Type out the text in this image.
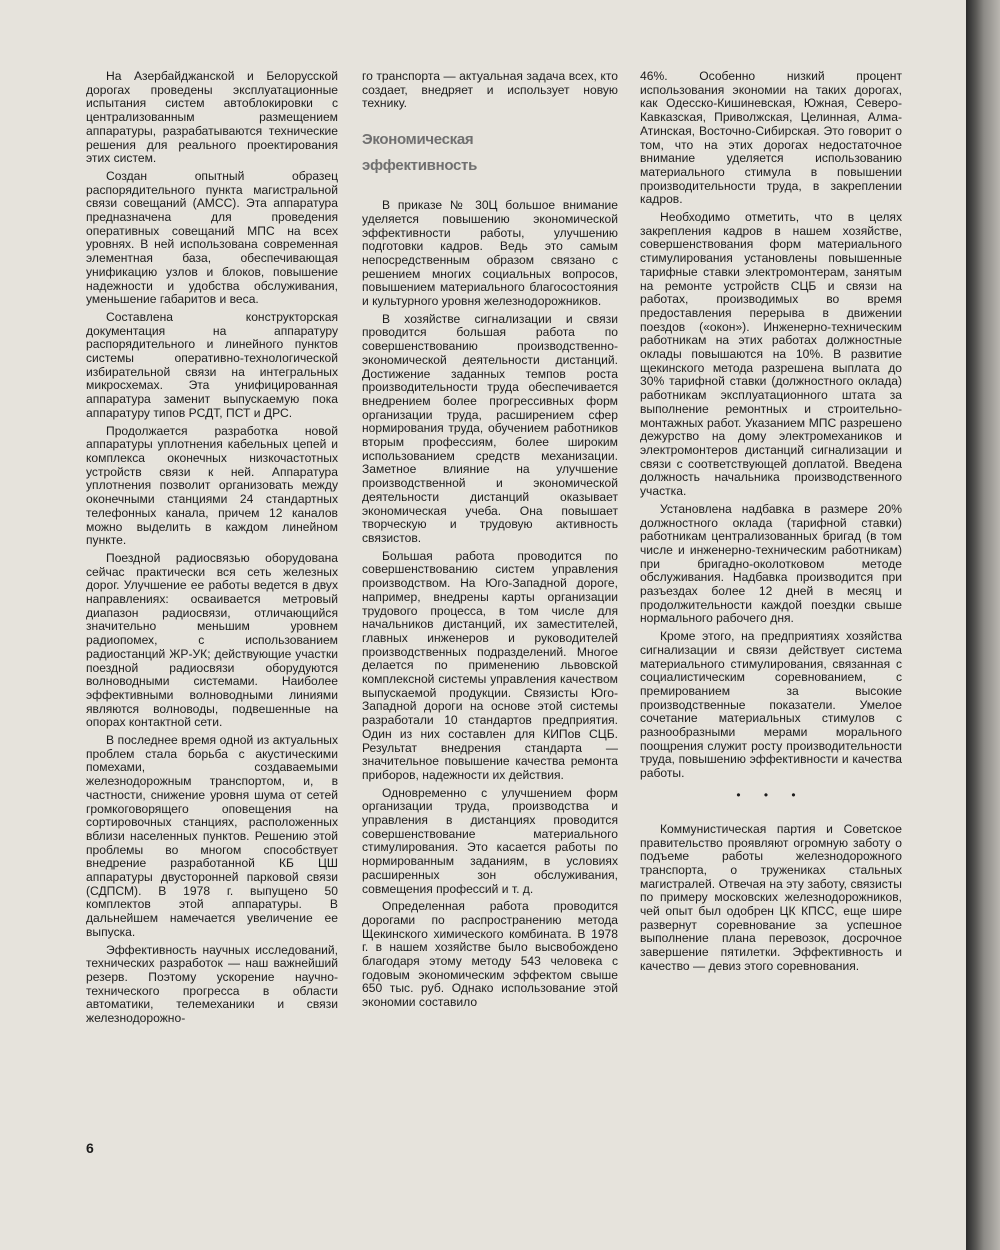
На Азербайджанской и Белорусской дорогах проведены эксплуатационные испытания систем автоблокировки с централизованным размещением аппаратуры, разрабатываются технические решения для реального проектирования этих систем.

Создан опытный образец распорядительного пункта магистральной связи совещаний (АМСС). Эта аппаратура предназначена для проведения оперативных совещаний МПС на всех уровнях. В ней использована современная элементная база, обеспечивающая унификацию узлов и блоков, повышение надежности и удобства обслуживания, уменьшение габаритов и веса.

Составлена конструкторская документация на аппаратуру распорядительного и линейного пунктов системы оперативно-технологической избирательной связи на интегральных микросхемах. Эта унифицированная аппаратура заменит выпускаемую пока аппаратуру типов РСДТ, ПСТ и ДРС.

Продолжается разработка новой аппаратуры уплотнения кабельных цепей и комплекса оконечных низкочастотных устройств связи к ней. Аппаратура уплотнения позволит организовать между оконечными станциями 24 стандартных телефонных канала, причем 12 каналов можно выделить в каждом линейном пункте.

Поездной радиосвязью оборудована сейчас практически вся сеть железных дорог. Улучшение ее работы ведется в двух направлениях: осваивается метровый диапазон радиосвязи, отличающийся значительно меньшим уровнем радиопомех, с использованием радиостанций ЖР-УК; действующие участки поездной радиосвязи оборудуются волноводными системами. Наиболее эффективными волноводными линиями являются волноводы, подвешенные на опорах контактной сети.

В последнее время одной из актуальных проблем стала борьба с акустическими помехами, создаваемыми железнодорожным транспортом, и, в частности, снижение уровня шума от сетей громкоговорящего оповещения на сортировочных станциях, расположенных вблизи населенных пунктов. Решению этой проблемы во многом способствует внедрение разработанной КБ ЦШ аппаратуры двусторонней парковой связи (СДПСМ). В 1978 г. выпущено 50 комплектов этой аппаратуры. В дальнейшем намечается увеличение ее выпуска.

Эффективность научных исследований, технических разработок — наш важнейший резерв. Поэтому ускорение научно-технического прогресса в области автоматики, телемеханики и связи железнодорожно-

го транспорта — актуальная задача всех, кто создает, внедряет и использует новую технику.

Экономическая
эффективность

В приказе № 30Ц большое внимание уделяется повышению экономической эффективности работы, улучшению подготовки кадров. Ведь это самым непосредственным образом связано с решением многих социальных вопросов, повышением материального благосостояния и культурного уровня железнодорожников.

В хозяйстве сигнализации и связи проводится большая работа по совершенствованию производственно-экономической деятельности дистанций. Достижение заданных темпов роста производительности труда обеспечивается внедрением более прогрессивных форм организации труда, расширением сфер нормирования труда, обучением работников вторым профессиям, более широким использованием средств механизации. Заметное влияние на улучшение производственной и экономической деятельности дистанций оказывает экономическая учеба. Она повышает творческую и трудовую активность связистов.

Большая работа проводится по совершенствованию систем управления производством. На Юго-Западной дороге, например, внедрены карты организации трудового процесса, в том числе для начальников дистанций, их заместителей, главных инженеров и руководителей производственных подразделений. Многое делается по применению львовской комплексной системы управления качеством выпускаемой продукции. Связисты Юго-Западной дороги на основе этой системы разработали 10 стандартов предприятия. Один из них составлен для КИПов СЦБ. Результат внедрения стандарта — значительное повышение качества ремонта приборов, надежности их действия.

Одновременно с улучшением форм организации труда, производства и управления в дистанциях проводится совершенствование материального стимулирования. Это касается работы по нормированным заданиям, в условиях расширенных зон обслуживания, совмещения профессий и т. д.

Определенная работа проводится дорогами по распространению метода Щекинского химического комбината. В 1978 г. в нашем хозяйстве было высвобождено благодаря этому методу 543 человека с годовым экономическим эффектом свыше 650 тыс. руб. Однако использование этой экономии составило

46%. Особенно низкий процент использования экономии на таких дорогах, как Одесско-Кишиневская, Южная, Северо-Кавказская, Приволжская, Целинная, Алма-Атинская, Восточно-Сибирская. Это говорит о том, что на этих дорогах недостаточное внимание уделяется использованию материального стимула в повышении производительности труда, в закреплении кадров.

Необходимо отметить, что в целях закрепления кадров в нашем хозяйстве, совершенствования форм материального стимулирования установлены повышенные тарифные ставки электромонтерам, занятым на ремонте устройств СЦБ и связи на работах, производимых во время предоставления перерыва в движении поездов («окон»). Инженерно-техническим работникам на этих работах должностные оклады повышаются на 10%. В развитие щекинского метода разрешена выплата до 30% тарифной ставки (должностного оклада) работникам эксплуатационного штата за выполнение ремонтных и строительно-монтажных работ. Указанием МПС разрешено дежурство на дому электромехаников и электромонтеров дистанций сигнализации и связи с соответствующей доплатой. Введена должность начальника производственного участка.

Установлена надбавка в размере 20% должностного оклада (тарифной ставки) работникам централизованных бригад (в том числе и инженерно-техническим работникам) при бригадно-околотковом методе обслуживания. Надбавка производится при разъездах более 12 дней в месяц и продолжительности каждой поездки свыше нормального рабочего дня.

Кроме этого, на предприятиях хозяйства сигнализации и связи действует система материального стимулирования, связанная с социалистическим соревнованием, с премированием за высокие производственные показатели. Умелое сочетание материальных стимулов с разнообразными мерами морального поощрения служит росту производительности труда, повышению эффективности и качества работы.

• • •

Коммунистическая партия и Советское правительство проявляют огромную заботу о подъеме работы железнодорожного транспорта, о тружениках стальных магистралей. Отвечая на эту заботу, связисты по примеру московских железнодорожников, чей опыт был одобрен ЦК КПСС, еще шире развернут соревнование за успешное выполнение плана перевозок, досрочное завершение пятилетки. Эффективность и качество — девиз этого соревнования.

6
